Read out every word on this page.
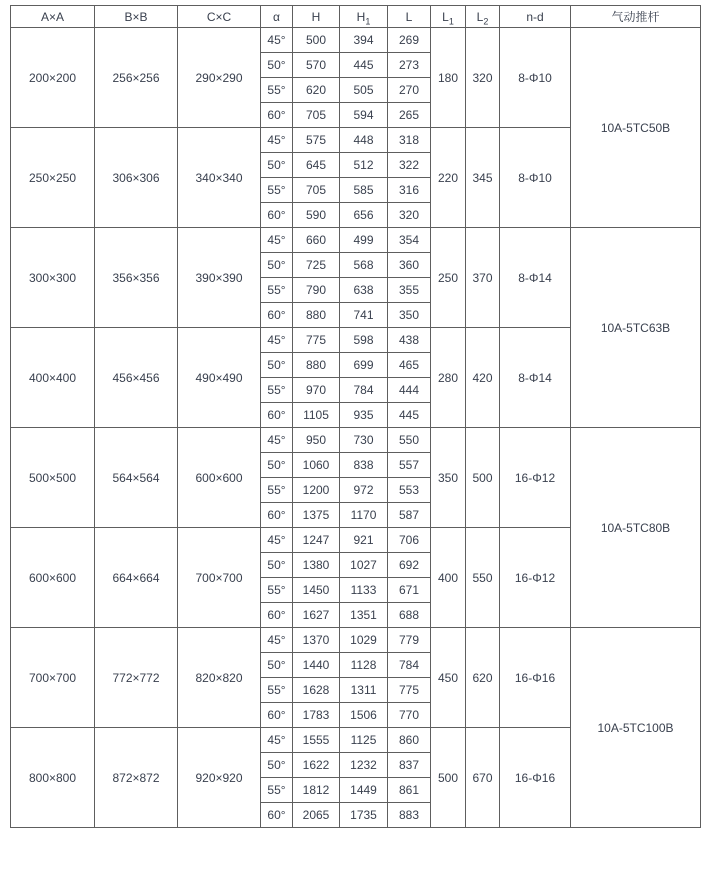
A×A	B×B	C×C	α	H	$H_1$	L	$L_1$	$L_2$	n-d	气动推杆
200×200	256×256	290×290	45°	500	394	269	180	320	8-Φ10	10A-5TC50B
			50°	570	445	273				
			55°	620	505	270				
			60°	705	594	265				
250×250	306×306	340×340	45°	575	448	318	220	345	8-Φ10	
			50°	645	512	322				
			55°	705	585	316				
			60°	590	656	320				
300×300	356×356	390×390	45°	660	499	354	250	370	8-Φ14	10A-5TC63B
			50°	725	568	360				
			55°	790	638	355				
			60°	880	741	350				
400×400	456×456	490×490	45°	775	598	438	280	420	8-Φ14	
			50°	880	699	465				
			55°	970	784	444				
			60°	1105	935	445				
500×500	564×564	600×600	45°	950	730	550	350	500	16-Φ12	10A-5TC80B
			50°	1060	838	557				
			55°	1200	972	553				
			60°	1375	1170	587				
600×600	664×664	700×700	45°	1247	921	706	400	550	16-Φ12	
			50°	1380	1027	692				
			55°	1450	1133	671				
			60°	1627	1351	688				
700×700	772×772	820×820	45°	1370	1029	779	450	620	16-Φ16	10A-5TC100B
			50°	1440	1128	784				
			55°	1628	1311	775				
			60°	1783	1506	770				
800×800	872×872	920×920	45°	1555	1125	860	500	670	16-Φ16	
			50°	1622	1232	837				
			55°	1812	1449	861				
			60°	2065	1735	883				
